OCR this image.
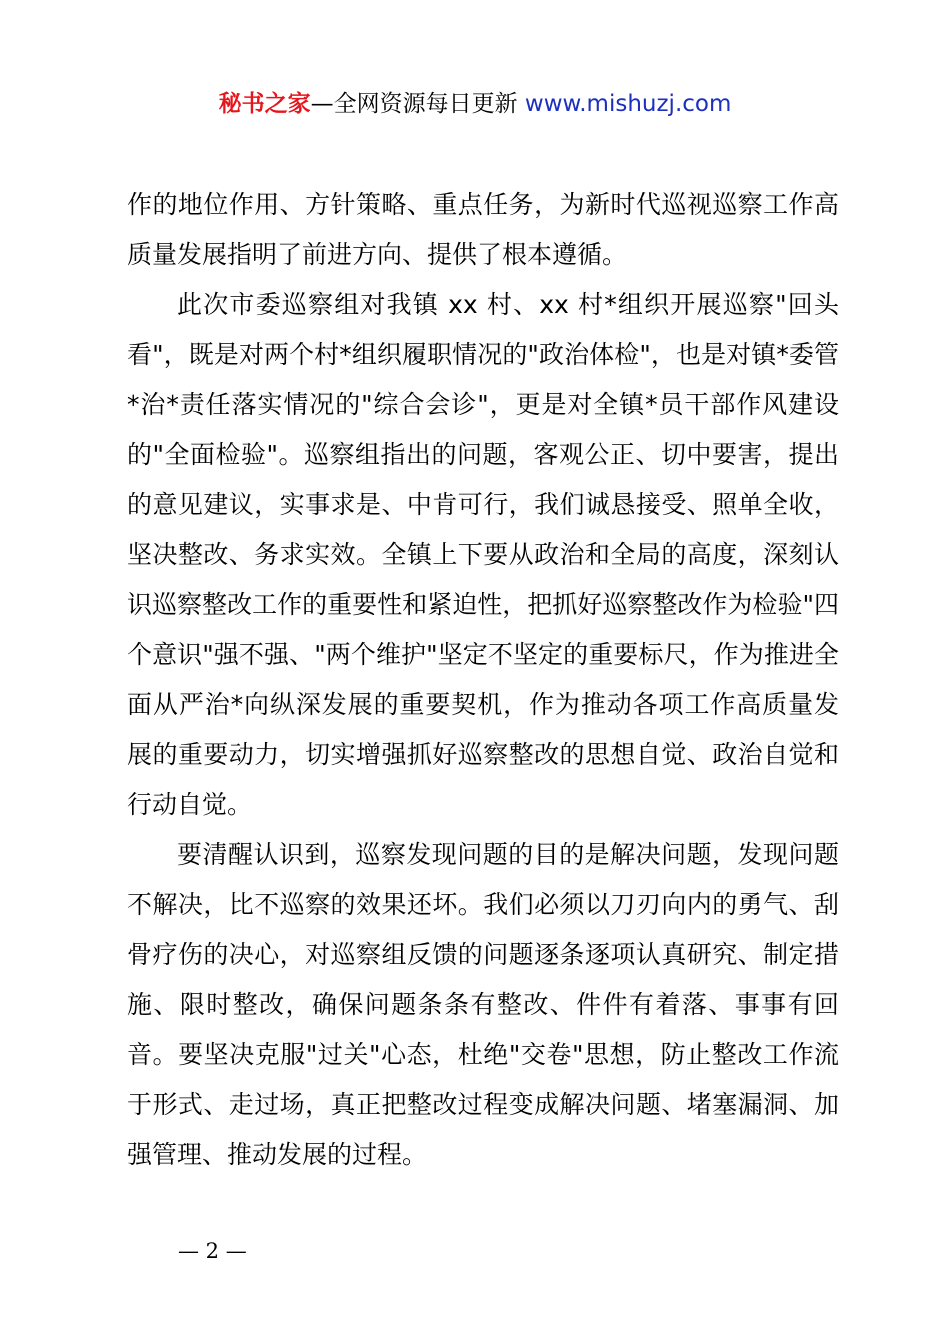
秘书之家—全网资源每日更新 www.mishuzj.com

作的地位作用、方针策略、重点任务，为新时代巡视巡察工作高质量发展指明了前进方向、提供了根本遵循。

此次市委巡察组对我镇 xx 村、xx 村*组织开展巡察"回头看"，既是对两个村*组织履职情况的"政治体检"，也是对镇*委管*治*责任落实情况的"综合会诊"，更是对全镇*员干部作风建设的"全面检验"。巡察组指出的问题，客观公正、切中要害，提出的意见建议，实事求是、中肯可行，我们诚恳接受、照单全收，坚决整改、务求实效。全镇上下要从政治和全局的高度，深刻认识巡察整改工作的重要性和紧迫性，把抓好巡察整改作为检验"四个意识"强不强、"两个维护"坚定不坚定的重要标尺，作为推进全面从严治*向纵深发展的重要契机，作为推动各项工作高质量发展的重要动力，切实增强抓好巡察整改的思想自觉、政治自觉和行动自觉。

要清醒认识到，巡察发现问题的目的是解决问题，发现问题不解决，比不巡察的效果还坏。我们必须以刀刃向内的勇气、刮骨疗伤的决心，对巡察组反馈的问题逐条逐项认真研究、制定措施、限时整改，确保问题条条有整改、件件有着落、事事有回音。要坚决克服"过关"心态，杜绝"交卷"思想，防止整改工作流于形式、走过场，真正把整改过程变成解决问题、堵塞漏洞、加强管理、推动发展的过程。

— 2 —
